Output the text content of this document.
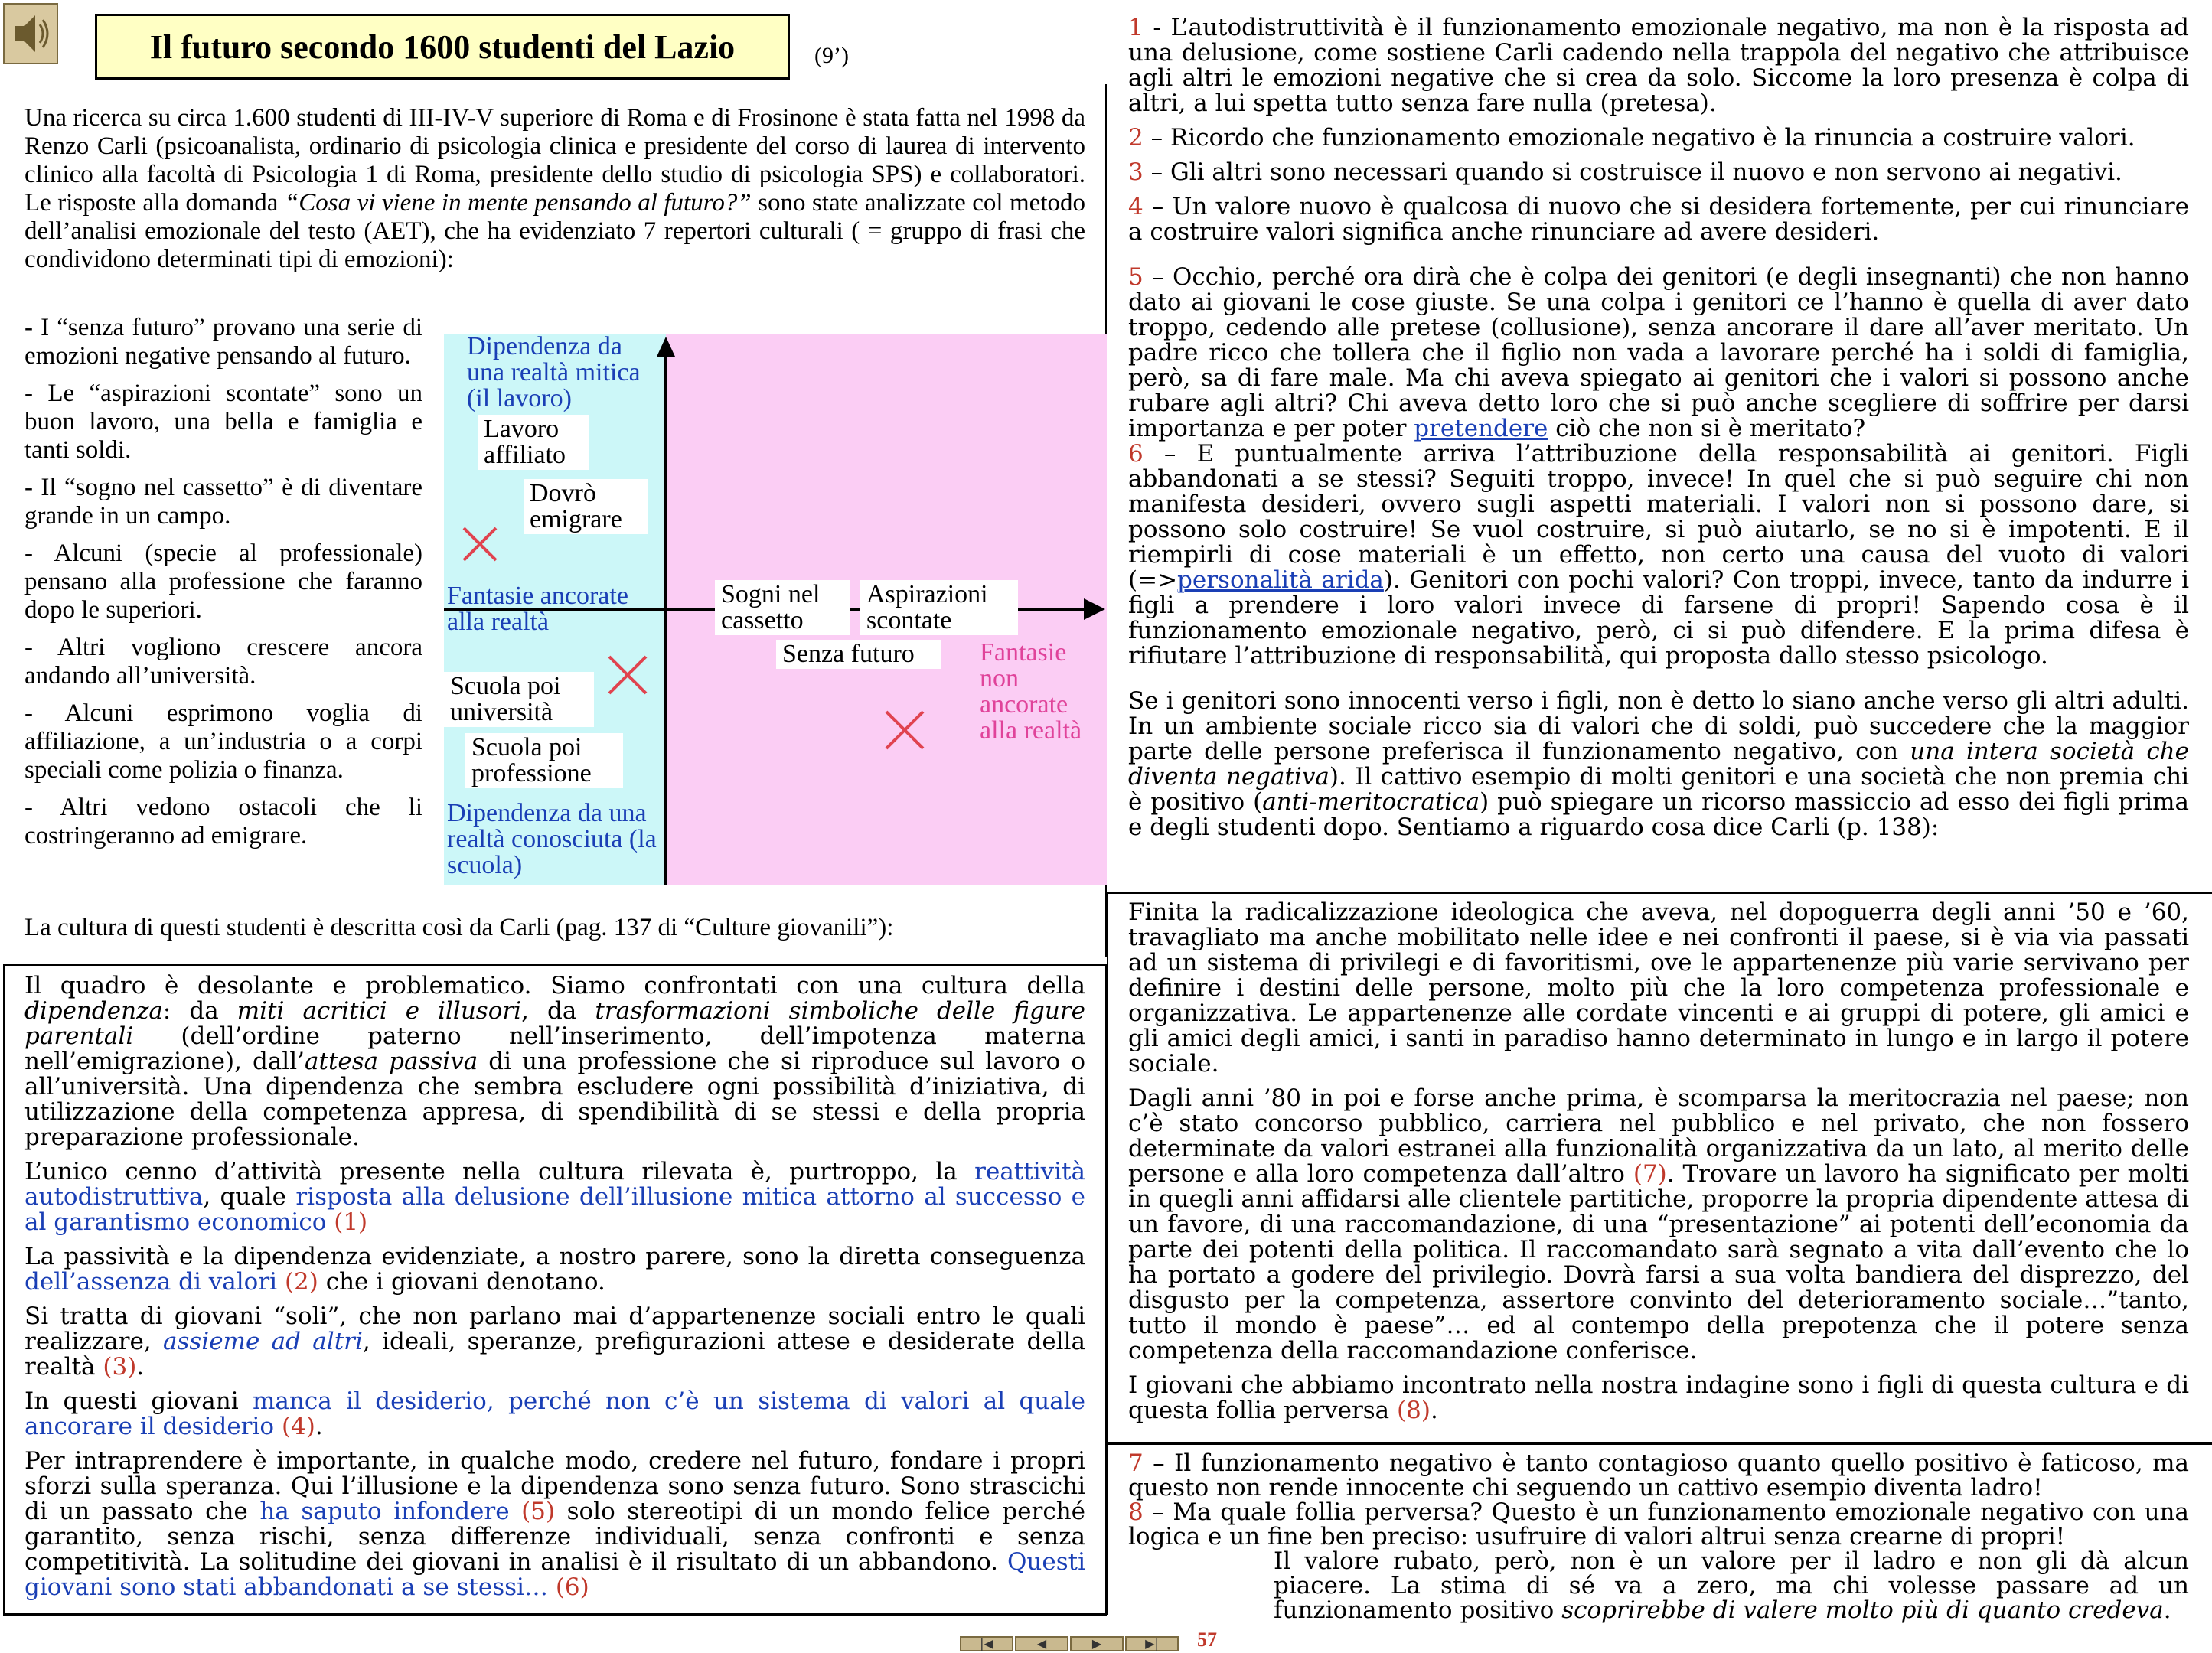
Il futuro secondo 1600 studenti del Lazio	(9’)

Una ricerca su circa 1.600 studenti di III-IV-V superiore di Roma e di Frosinone è stata fatta nel 1998 da Renzo Carli (psicoanalista, ordinario di psicologia clinica e presidente del corso di laurea di intervento clinico alla facoltà di Psicologia 1 di Roma, presidente dello studio di psicologia SPS) e collaboratori. Le risposte alla domanda “Cosa vi viene in mente pensando al futuro?” sono state analizzate col metodo dell’analisi emozionale del testo (AET), che ha evidenziato 7 repertori culturali ( = gruppo di frasi che condividono determinati tipi di emozioni):

- I “senza futuro” provano una serie di emozioni negative pensando al futuro.

- Le “aspirazioni scontate” sono un buon lavoro, una bella e famiglia e tanti soldi.

- Il “sogno nel cassetto” è di diventare grande in un campo.

- Alcuni (specie al professionale) pensano alla professione che faranno dopo le superiori.

- Altri vogliono crescere ancora andando all’università.

- Alcuni esprimono voglia di affiliazione, a un’industria o a corpi speciali come polizia o finanza.

- Altri vedono ostacoli che li costringeranno ad emigrare.

Dipendenza da una realtà mitica (il lavoro)
Fantasie ancorate alla realtà
Dipendenza da una realtà conosciuta (la scuola)
Fantasie non ancorate alla realtà
Lavoro affiliato
Dovrò emigrare
Sogni nel cassetto
Aspirazioni scontate
Senza futuro
Scuola poi università
Scuola poi professione

La cultura di questi studenti è descritta così da Carli (pag. 137 di “Culture giovanili”):

Il quadro è desolante e problematico. Siamo confrontati con una cultura della dipendenza: da miti acritici e illusori, da trasformazioni simboliche delle figure parentali (dell’ordine paterno nell’inserimento, dell’impotenza materna nell’emigrazione), dall’attesa passiva di una professione che si riproduce sul lavoro o all’università. Una dipendenza che sembra escludere ogni possibilità d’iniziativa, di utilizzazione della competenza appresa, di spendibilità di se stessi e della propria preparazione professionale.

L’unico cenno d’attività presente nella cultura rilevata è, purtroppo, la reattività autodistruttiva, quale risposta alla delusione dell’illusione mitica attorno al successo e al garantismo economico (1)

La passività e la dipendenza evidenziate, a nostro parere, sono la diretta conseguenza dell’assenza di valori (2) che i giovani denotano.

Si tratta di giovani “soli”, che non parlano mai d’appartenenze sociali entro le quali realizzare, assieme ad altri, ideali, speranze, prefigurazioni attese e desiderate della realtà (3).

In questi giovani manca il desiderio, perché non c’è un sistema di valori al quale ancorare il desiderio (4).

Per intraprendere è importante, in qualche modo, credere nel futuro, fondare i propri sforzi sulla speranza. Qui l’illusione e la dipendenza sono senza futuro. Sono strascichi di un passato che ha saputo infondere (5) solo stereotipi di un mondo felice perché garantito, senza rischi, senza differenze individuali, senza confronti e senza competitività. La solitudine dei giovani in analisi è il risultato di un abbandono. Questi giovani sono stati abbandonati a se stessi… (6)

1 - L’autodistruttività è il funzionamento emozionale negativo, ma non è la risposta ad una delusione, come sostiene Carli cadendo nella trappola del negativo che attribuisce agli altri le emozioni negative che si crea da solo. Siccome la loro presenza è colpa di altri, a lui spetta tutto senza fare nulla (pretesa).

2 – Ricordo che funzionamento emozionale negativo è la rinuncia a costruire valori.

3 – Gli altri sono necessari quando si costruisce il nuovo e non servono ai negativi.

4 – Un valore nuovo è qualcosa di nuovo che si desidera fortemente, per cui rinunciare a costruire valori significa anche rinunciare ad avere desideri.

5 – Occhio, perché ora dirà che è colpa dei genitori (e degli insegnanti) che non hanno dato ai giovani le cose giuste. Se una colpa i genitori ce l’hanno è quella di aver dato troppo, cedendo alle pretese (collusione), senza ancorare il dare all’aver meritato. Un padre ricco che tollera che il figlio non vada a lavorare perché ha i soldi di famiglia, però, sa di fare male. Ma chi aveva spiegato ai genitori che i valori si possono anche rubare agli altri? Chi aveva detto loro che si può anche scegliere di soffrire per darsi importanza e per poter pretendere ciò che non si è meritato?

6 – E puntualmente arriva l’attribuzione della responsabilità ai genitori. Figli abbandonati a se stessi? Seguiti troppo, invece! In quel che si può seguire chi non manifesta desideri, ovvero sugli aspetti materiali. I valori non si possono dare, si possono solo costruire! Se vuol costruire, si può aiutarlo, se no si è impotenti. E il riempirli di cose materiali è un effetto, non certo una causa del vuoto di valori (=>personalità arida). Genitori con pochi valori? Con troppi, invece, tanto da indurre i figli a prendere i loro valori invece di farsene di propri! Sapendo cosa è il funzionamento emozionale negativo, però, ci si può difendere. E la prima difesa è rifiutare l’attribuzione di responsabilità, qui proposta dallo stesso psicologo.

Se i genitori sono innocenti verso i figli, non è detto lo siano anche verso gli altri adulti. In un ambiente sociale ricco sia di valori che di soldi, può succedere che la maggior parte delle persone preferisca il funzionamento negativo, con una intera società che diventa negativa). Il cattivo esempio di molti genitori e una società che non premia chi è positivo (anti-meritocratica) può spiegare un ricorso massiccio ad esso dei figli prima e degli studenti dopo. Sentiamo a riguardo cosa dice Carli (p. 138):

Finita la radicalizzazione ideologica che aveva, nel dopoguerra degli anni ’50 e ’60, travagliato ma anche mobilitato nelle idee e nei confronti il paese, si è via via passati ad un sistema di privilegi e di favoritismi, ove le appartenenze più varie servivano per definire i destini delle persone, molto più che la loro competenza professionale e organizzativa. Le appartenenze alle cordate vincenti e ai gruppi di potere, gli amici e gli amici degli amici, i santi in paradiso hanno determinato in lungo e in largo il potere sociale.

Dagli anni ’80 in poi e forse anche prima, è scomparsa la meritocrazia nel paese; non c’è stato concorso pubblico, carriera nel pubblico e nel privato, che non fossero determinate da valori estranei alla funzionalità organizzativa da un lato, al merito delle persone e alla loro competenza dall’altro (7). Trovare un lavoro ha significato per molti in quegli anni affidarsi alle clientele partitiche, proporre la propria dipendente attesa di un favore, di una raccomandazione, di una “presentazione” ai potenti dell’economia da parte dei potenti della politica. Il raccomandato sarà segnato a vita dall’evento che lo ha portato a godere del privilegio. Dovrà farsi a sua volta bandiera del disprezzo, del disgusto per la competenza, assertore convinto del deterioramento sociale…”tanto, tutto il mondo è paese”… ed al contempo della prepotenza che il potere senza competenza della raccomandazione conferisce.

I giovani che abbiamo incontrato nella nostra indagine sono i figli di questa cultura e di questa follia perversa (8).

7 – Il funzionamento negativo è tanto contagioso quanto quello positivo è faticoso, ma questo non rende innocente chi seguendo un cattivo esempio diventa ladro!

8 – Ma quale follia perversa? Questo è un funzionamento emozionale negativo con una logica e un fine ben preciso: usufruire di valori altrui senza crearne di propri!

Il valore rubato, però, non è un valore per il ladro e non gli dà alcun piacere. La stima di sé va a zero, ma chi volesse passare ad un funzionamento positivo scoprirebbe di valere molto più di quanto credeva.

|◀	◀	▶	▶|	57
